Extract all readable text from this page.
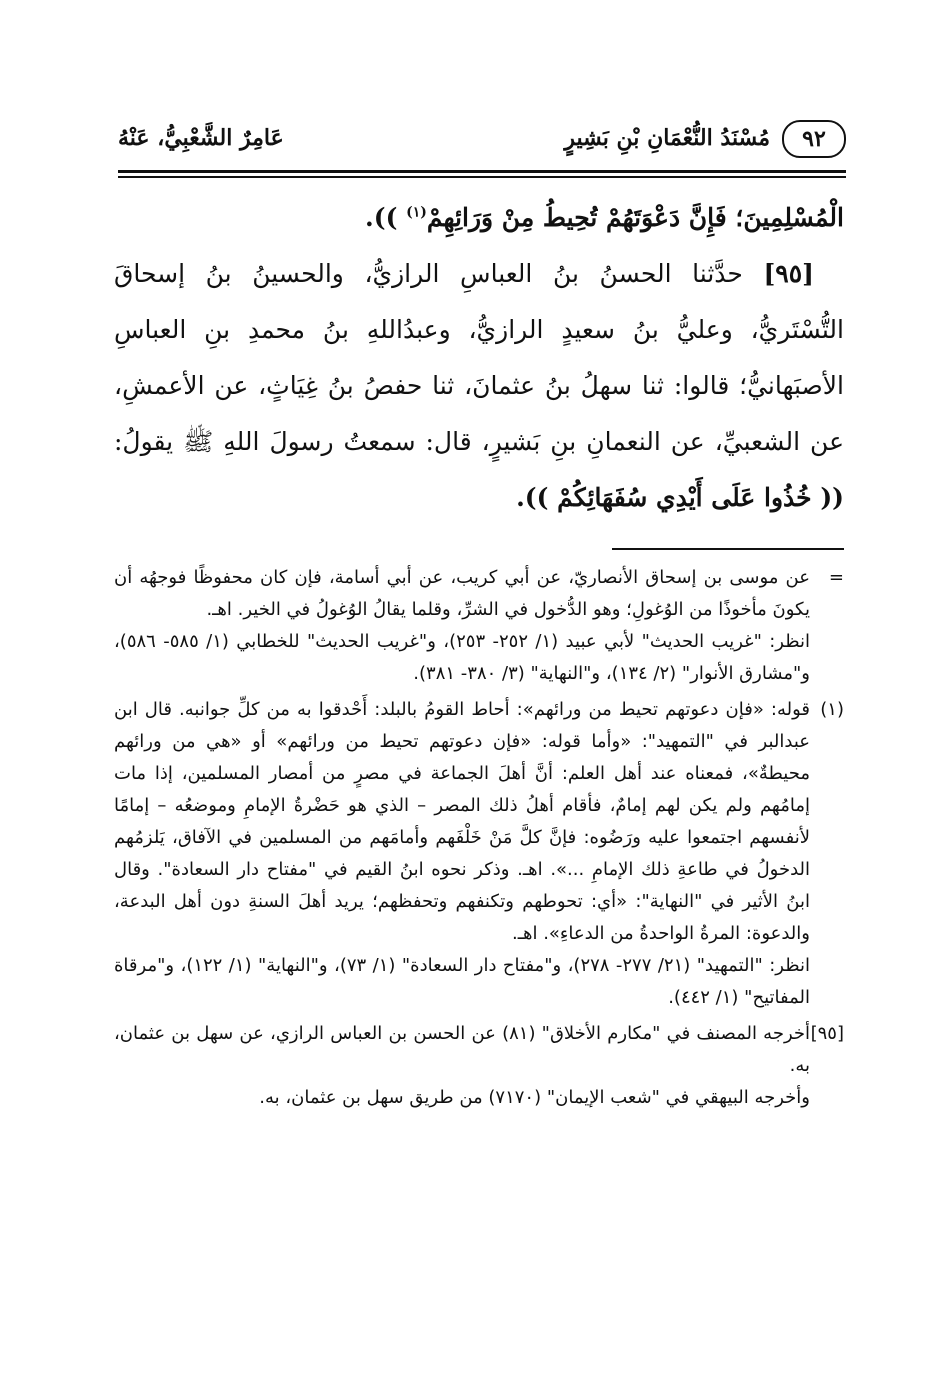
٩٢
مُسْنَدُ النُّعْمَانِ بْنِ بَشِيرٍ
عَامِرٌ الشَّعْبِيُّ، عَنْهُ

الْمُسْلِمِينَ؛ فَإِنَّ دَعْوَتَهُمْ تُحِيطُ مِنْ وَرَائِهِمْ$^{(١)}$ )).

[٩٥] حدَّثنا الحسنُ بنُ العباسِ الرازيُّ، والحسينُ بنُ إسحاقَ التُّسْتَريُّ، وعليُّ بنُ سعيدٍ الرازيُّ، وعبدُاللهِ بنُ محمدِ بنِ العباسِ الأصبَهانيُّ؛ قالوا: ثنا سهلُ بنُ عثمانَ، ثنا حفصُ بنُ غِيَاثٍ، عن الأعمشِ، عن الشعبيِّ، عن النعمانِ بنِ بَشيرٍ، قال: سمعتُ رسولَ اللهِ ﷺ يقولُ: (( خُذُوا عَلَى أَيْدِي سُفَهَائِكُمْ )).

=

عن موسى بن إسحاق الأنصاريّ، عن أبي كريب، عن أبي أسامة، فإن كان محفوظًا فوجهُه أن يكونَ مأخوذًا من الوُغولِ؛ وهو الدُّخول في الشرِّ، وقلما يقالُ الوُغولُ في الخير. اهـ.

انظر: "غريب الحديث" لأبي عبيد (١/ ٢٥٢- ٢٥٣)، و"غريب الحديث" للخطابي (١/ ٥٨٥- ٥٨٦)، و"مشارق الأنوار" (٢/ ١٣٤)، و"النهاية" (٣/ ٣٨٠- ٣٨١).

(١)

قوله: «فإن دعوتهم تحيط من ورائهم»: أحاط القومُ بالبلد: أَحْدقوا به من كلِّ جوانبه. قال ابن عبدالبر في "التمهيد": «وأما قوله: «فإن دعوتهم تحيط من ورائهم» أو «هي من ورائهم محيطةٌ»، فمعناه عند أهل العلم: أنَّ أهلَ الجماعة في مصرٍ من أمصار المسلمين، إذا مات إمامُهم ولم يكن لهم إمامٌ، فأقام أهلُ ذلك المصر – الذي هو حَضْرةُ الإمامِ وموضعُه – إمامًا لأنفسهم اجتمعوا عليه ورَضُوه: فإنَّ كلَّ مَنْ خَلْفَهم وأمامَهم من المسلمين في الآفاق، يَلزمُهم الدخولُ في طاعةِ ذلك الإمامِ ...». اهـ. وذكر نحوه ابنُ القيم في "مفتاح دار السعادة". وقال ابنُ الأثير في "النهاية": «أي: تحوطهم وتكنفهم وتحفظهم؛ يريد أهلَ السنةِ دون أهل البدعة، والدعوة: المرةُ الواحدةُ من الدعاءِ». اهـ.

انظر: "التمهيد" (٢١/ ٢٧٧- ٢٧٨)، و"مفتاح دار السعادة" (١/ ٧٣)، و"النهاية" (١/ ١٢٢)، و"مرقاة المفاتيح" (١/ ٤٤٢).

[٩٥]

أخرجه المصنف في "مكارم الأخلاق" (٨١) عن الحسن بن العباس الرازي، عن سهل بن عثمان، به.

وأخرجه البيهقي في "شعب الإيمان" (٧١٧٠) من طريق سهل بن عثمان، به.
